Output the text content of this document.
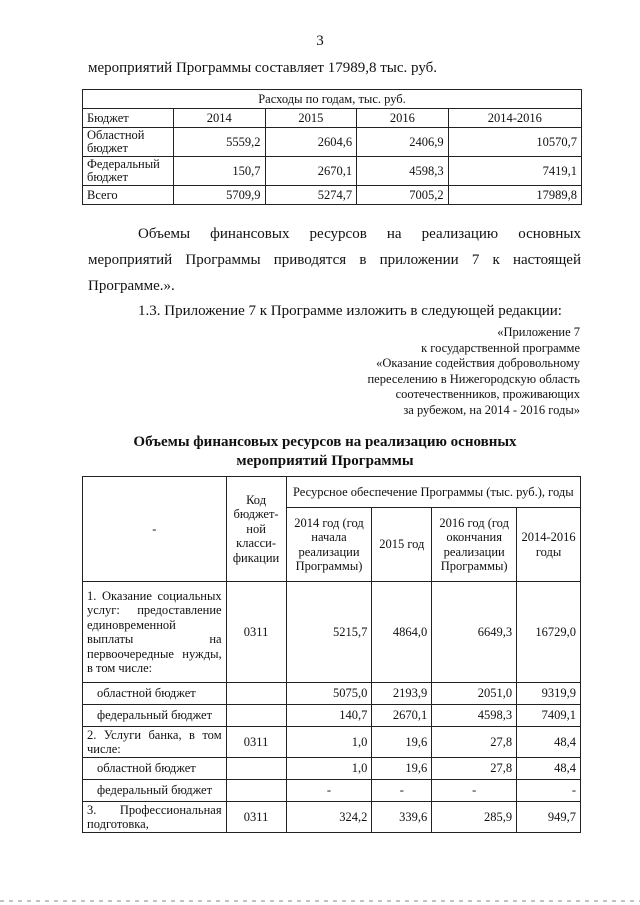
3
мероприятий Программы составляет 17989,8 тыс. руб.
Расходы по годам, тыс. руб.				
Бюджет	2014	2015	2016	2014-2016
Областной бюджет	5559,2	2604,6	2406,9	10570,7
Федеральный бюджет	150,7	2670,1	4598,3	7419,1
Всего	5709,9	5274,7	7005,2	17989,8
Объемы финансовых ресурсов на реализацию основных
мероприятий Программы приводятся в приложении 7 к настоящей
Программе.».
1.3. Приложение 7 к Программе изложить в следующей редакции:
«Приложение 7
к государственной программе
«Оказание содействия добровольному
переселению в Нижегородскую область
соотечественников, проживающих
за рубежом, на 2014 - 2016 годы»
Объемы финансовых ресурсов на реализацию основных
мероприятий Программы
-	Код бюджет-ной класси-фикации	Ресурсное обеспечение Программы (тыс. руб.), годы			
		2014 год (год начала реализации Программы)	2015 год	2016 год (год окончания реализации Программы)	2014-2016 годы
1. Оказание социальных услуг: предоставление единовременной выплаты на первоочередные нужды, в том числе:	0311	5215,7	4864,0	6649,3	16729,0
областной бюджет		5075,0	2193,9	2051,0	9319,9
федеральный бюджет		140,7	2670,1	4598,3	7409,1
2. Услуги банка, в том числе:	0311	1,0	19,6	27,8	48,4
областной бюджет		1,0	19,6	27,8	48,4
федеральный бюджет		-	-	-	-
3. Профессиональная подготовка,	0311	324,2	339,6	285,9	949,7
